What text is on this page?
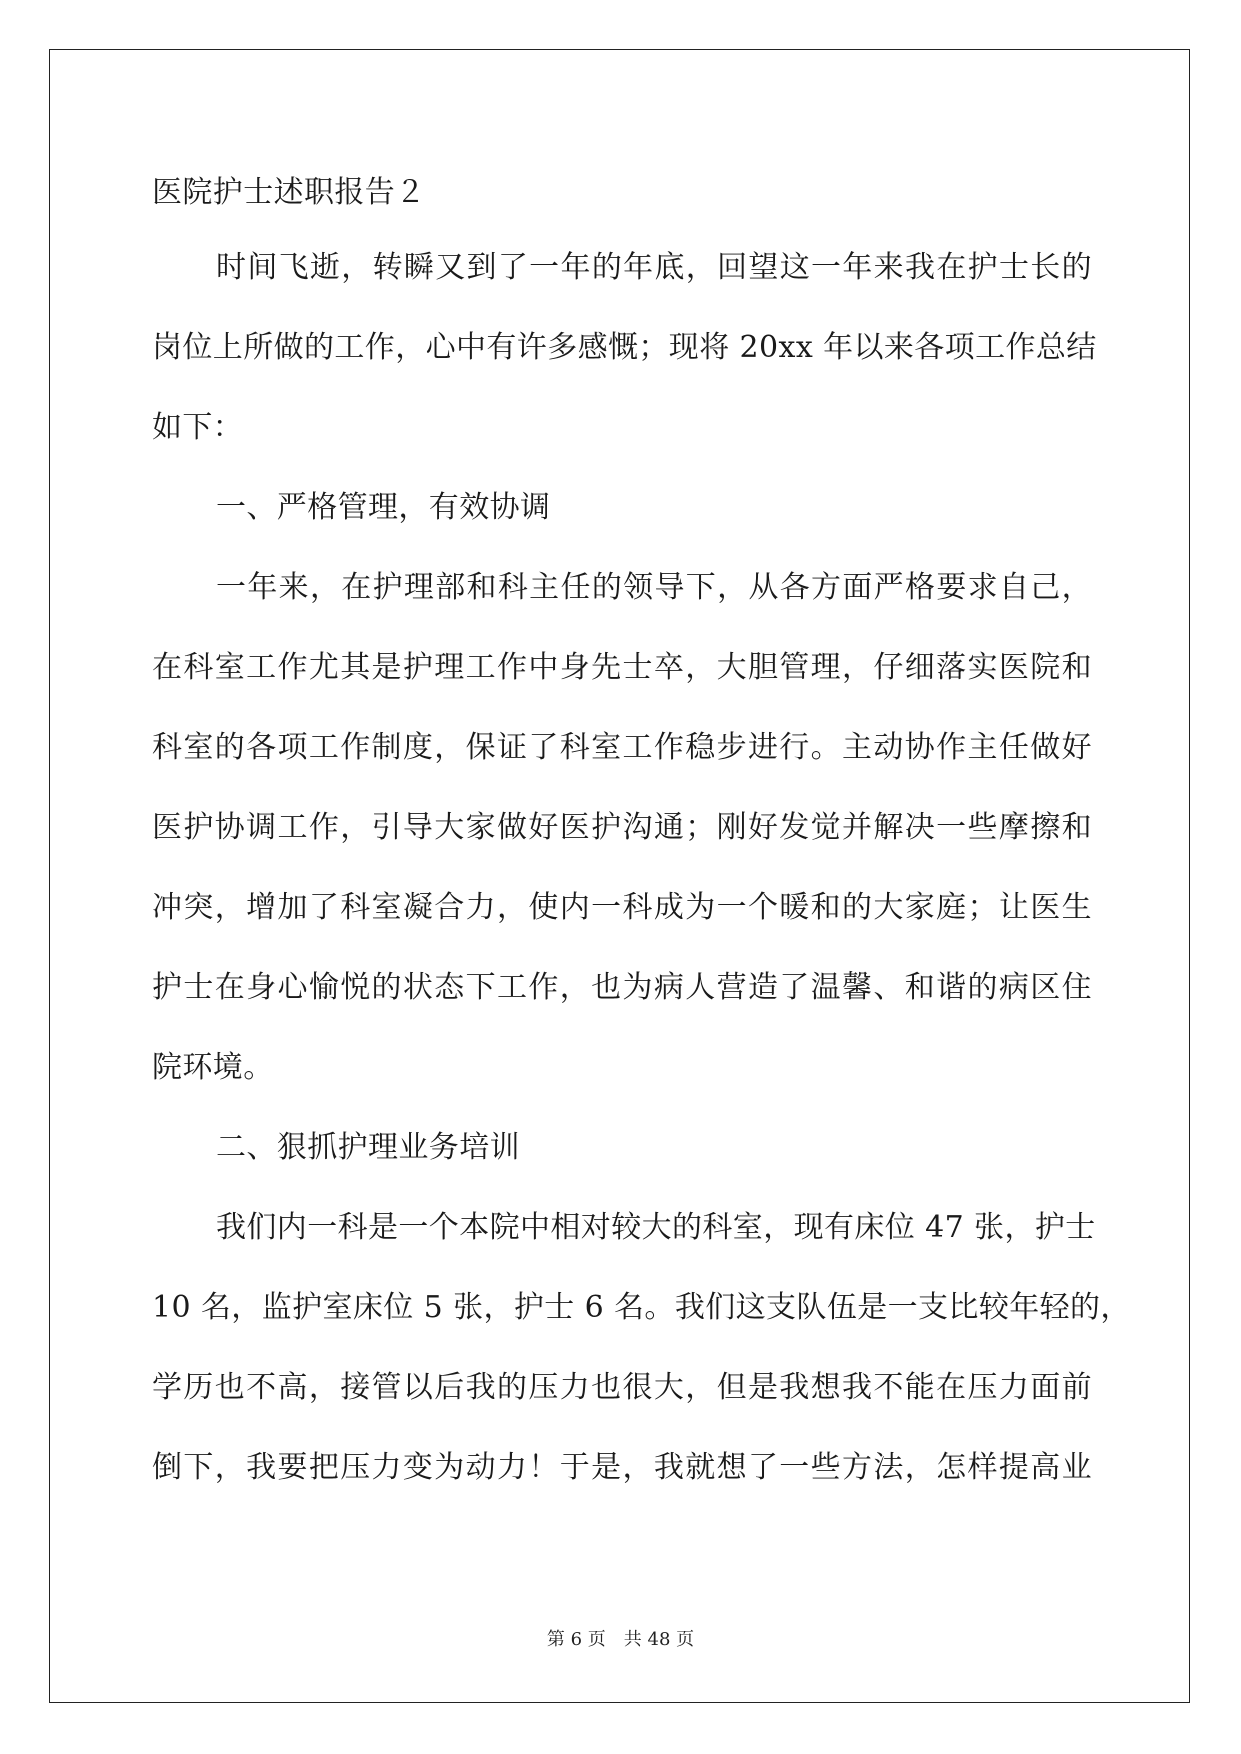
医院护士述职报告２
时间飞逝，转瞬又到了一年的年底，回望这一年来我在护士长的
岗位上所做的工作，心中有许多感慨；现将 20xx 年以来各项工作总结
如下：
一、严格管理，有效协调
一年来，在护理部和科主任的领导下，从各方面严格要求自己，
在科室工作尤其是护理工作中身先士卒，大胆管理，仔细落实医院和
科室的各项工作制度，保证了科室工作稳步进行。主动协作主任做好
医护协调工作，引导大家做好医护沟通；刚好发觉并解决一些摩擦和
冲突，增加了科室凝合力，使内一科成为一个暖和的大家庭；让医生
护士在身心愉悦的状态下工作，也为病人营造了温馨、和谐的病区住
院环境。
二、狠抓护理业务培训
我们内一科是一个本院中相对较大的科室，现有床位 47 张，护士
10 名，监护室床位 5 张，护士 6 名。我们这支队伍是一支比较年轻的，
学历也不高，接管以后我的压力也很大，但是我想我不能在压力面前
倒下，我要把压力变为动力！于是，我就想了一些方法，怎样提高业
第 6 页 共 48 页
